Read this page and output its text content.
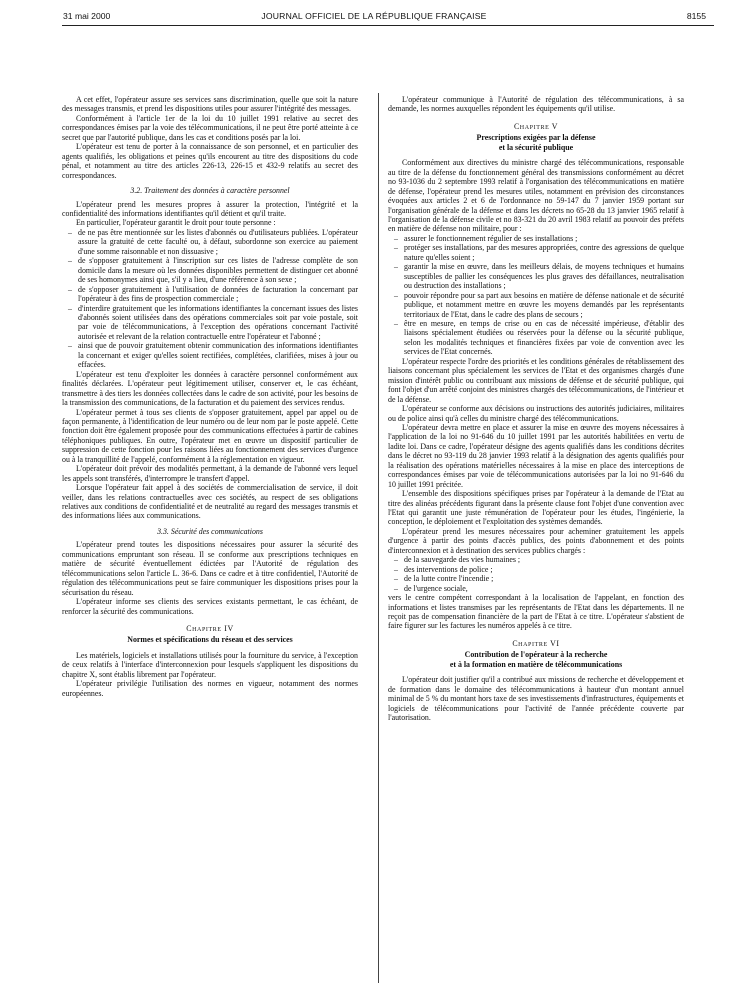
31 mai 2000	JOURNAL OFFICIEL DE LA RÉPUBLIQUE FRANÇAISE	8155

A cet effet, l'opérateur assure ses services sans discrimination, quelle que soit la nature des messages transmis, et prend les dispositions utiles pour assurer l'intégrité des messages.

Conformément à l'article 1er de la loi du 10 juillet 1991 relative au secret des correspondances émises par la voie des télécommunications, il ne peut être porté atteinte à ce secret que par l'autorité publique, dans les cas et conditions posés par la loi.

L'opérateur est tenu de porter à la connaissance de son personnel, et en particulier des agents qualifiés, les obligations et peines qu'ils encourent au titre des dispositions du code pénal, et notamment au titre des articles 226-13, 226-15 et 432-9 relatifs au secret des correspondances.

3.2. Traitement des données à caractère personnel

L'opérateur prend les mesures propres à assurer la protection, l'intégrité et la confidentialité des informations identifiantes qu'il détient et qu'il traite.

En particulier, l'opérateur garantit le droit pour toute personne :

– de ne pas être mentionnée sur les listes d'abonnés ou d'utilisateurs publiées. L'opérateur assure la gratuité de cette faculté ou, à défaut, subordonne son exercice au paiement d'une somme raisonnable et non dissuasive ;
– de s'opposer gratuitement à l'inscription sur ces listes de l'adresse complète de son domicile dans la mesure où les données disponibles permettent de distinguer cet abonné de ses homonymes ainsi que, s'il y a lieu, d'une référence à son sexe ;
– de s'opposer gratuitement à l'utilisation de données de facturation la concernant par l'opérateur à des fins de prospection commerciale ;
– d'interdire gratuitement que les informations identifiantes la concernant issues des listes d'abonnés soient utilisées dans des opérations commerciales soit par voie postale, soit par voie de télécommunications, à l'exception des opérations concernant l'activité autorisée et relevant de la relation contractuelle entre l'opérateur et l'abonné ;
– ainsi que de pouvoir gratuitement obtenir communication des informations identifiantes la concernant et exiger qu'elles soient rectifiées, complétées, clarifiées, mises à jour ou effacées.

L'opérateur est tenu d'exploiter les données à caractère personnel conformément aux finalités déclarées. L'opérateur peut légitimement utiliser, conserver et, le cas échéant, transmettre à des tiers les données collectées dans le cadre de son activité, pour les besoins de la transmission des communications, de la facturation et du paiement des services rendus.

L'opérateur permet à tous ses clients de s'opposer gratuitement, appel par appel ou de façon permanente, à l'identification de leur numéro ou de leur nom par le poste appelé. Cette fonction doit être également proposée pour des communications effectuées à partir de cabines téléphoniques publiques. En outre, l'opérateur met en œuvre un dispositif particulier de suppression de cette fonction pour les raisons liées au fonctionnement des services d'urgence ou à la tranquillité de l'appelé, conformément à la réglementation en vigueur.

L'opérateur doit prévoir des modalités permettant, à la demande de l'abonné vers lequel les appels sont transférés, d'interrompre le transfert d'appel.

Lorsque l'opérateur fait appel à des sociétés de commercialisation de service, il doit veiller, dans les relations contractuelles avec ces sociétés, au respect de ses obligations relatives aux conditions de confidentialité et de neutralité au regard des messages transmis et des informations liées aux communications.

3.3. Sécurité des communications

L'opérateur prend toutes les dispositions nécessaires pour assurer la sécurité des communications empruntant son réseau. Il se conforme aux prescriptions techniques en matière de sécurité éventuellement édictées par l'Autorité de régulation des télécommunications selon l'article L. 36-6. Dans ce cadre et à titre confidentiel, l'Autorité de régulation des télécommunications peut se faire communiquer les dispositions prises pour la sécurisation du réseau.

L'opérateur informe ses clients des services existants permettant, le cas échéant, de renforcer la sécurité des communications.

Chapitre IV
Normes et spécifications du réseau et des services

Les matériels, logiciels et installations utilisés pour la fourniture du service, à l'exception de ceux relatifs à l'interface d'interconnexion pour lesquels s'appliquent les dispositions du chapitre X, sont établis librement par l'opérateur.

L'opérateur privilégie l'utilisation des normes en vigueur, notamment des normes européennes.

L'opérateur communique à l'Autorité de régulation des télécommunications, à sa demande, les normes auxquelles répondent les équipements qu'il utilise.

Chapitre V
Prescriptions exigées par la défense
et la sécurité publique

Conformément aux directives du ministre chargé des télécommunications, responsable au titre de la défense du fonctionnement général des transmissions conformément au décret no 93-1036 du 2 septembre 1993 relatif à l'organisation des télécommunications en matière de défense, l'opérateur prend les mesures utiles, notamment en prévision des circonstances évoquées aux articles 2 et 6 de l'ordonnance no 59-147 du 7 janvier 1959 portant sur l'organisation générale de la défense et dans les décrets no 65-28 du 13 janvier 1965 relatif à l'organisation de la défense civile et no 83-321 du 20 avril 1983 relatif au pouvoir des préfets en matière de défense non militaire, pour :

– assurer le fonctionnement régulier de ses installations ;
– protéger ses installations, par des mesures appropriées, contre des agressions de quelque nature qu'elles soient ;
– garantir la mise en œuvre, dans les meilleurs délais, de moyens techniques et humains susceptibles de pallier les conséquences les plus graves des défaillances, neutralisation ou destruction des installations ;
– pouvoir répondre pour sa part aux besoins en matière de défense nationale et de sécurité publique, et notamment mettre en œuvre les moyens demandés par les représentants territoriaux de l'Etat, dans le cadre des plans de secours ;
– être en mesure, en temps de crise ou en cas de nécessité impérieuse, d'établir des liaisons spécialement étudiées ou réservées pour la défense ou la sécurité publique, selon les modalités techniques et financières fixées par voie de convention avec les services de l'Etat concernés.

L'opérateur respecte l'ordre des priorités et les conditions générales de rétablissement des liaisons concernant plus spécialement les services de l'Etat et des organismes chargés d'une mission d'intérêt public ou contribuant aux missions de défense et de sécurité publique, qui font l'objet d'un arrêté conjoint des ministres chargés des télécommunications, de l'intérieur et de la défense.

L'opérateur se conforme aux décisions ou instructions des autorités judiciaires, militaires ou de police ainsi qu'à celles du ministre chargé des télécommunications.

L'opérateur devra mettre en place et assurer la mise en œuvre des moyens nécessaires à l'application de la loi no 91-646 du 10 juillet 1991 par les autorités habilitées en vertu de ladite loi. Dans ce cadre, l'opérateur désigne des agents qualifiés dans les conditions décrites dans le décret no 93-119 du 28 janvier 1993 relatif à la désignation des agents qualifiés pour la réalisation des opérations matérielles nécessaires à la mise en place des interceptions de correspondances émises par voie de télécommunications autorisées par la loi no 91-646 du 10 juillet 1991 précitée.

L'ensemble des dispositions spécifiques prises par l'opérateur à la demande de l'Etat au titre des alinéas précédents figurant dans la présente clause font l'objet d'une convention avec l'Etat qui garantit une juste rémunération de l'opérateur pour les études, l'ingénierie, la conception, le déploiement et l'exploitation des systèmes demandés.

L'opérateur prend les mesures nécessaires pour acheminer gratuitement les appels d'urgence à partir des points d'accès publics, des points d'abonnement et des points d'interconnexion et à destination des services publics chargés :

– de la sauvegarde des vies humaines ;
– des interventions de police ;
– de la lutte contre l'incendie ;
– de l'urgence sociale,

vers le centre compétent correspondant à la localisation de l'appelant, en fonction des informations et listes transmises par les représentants de l'Etat dans les départements. Il ne reçoit pas de compensation financière de la part de l'Etat à ce titre. L'opérateur s'abstient de faire figurer sur les factures les numéros appelés à ce titre.

Chapitre VI
Contribution de l'opérateur à la recherche
et à la formation en matière de télécommunications

L'opérateur doit justifier qu'il a contribué aux missions de recherche et développement et de formation dans le domaine des télécommunications à hauteur d'un montant annuel minimal de 5 % du montant hors taxe de ses investissements d'infrastructures, équipements et logiciels de télécommunications pour l'activité de l'année précédente couverte par l'autorisation.
